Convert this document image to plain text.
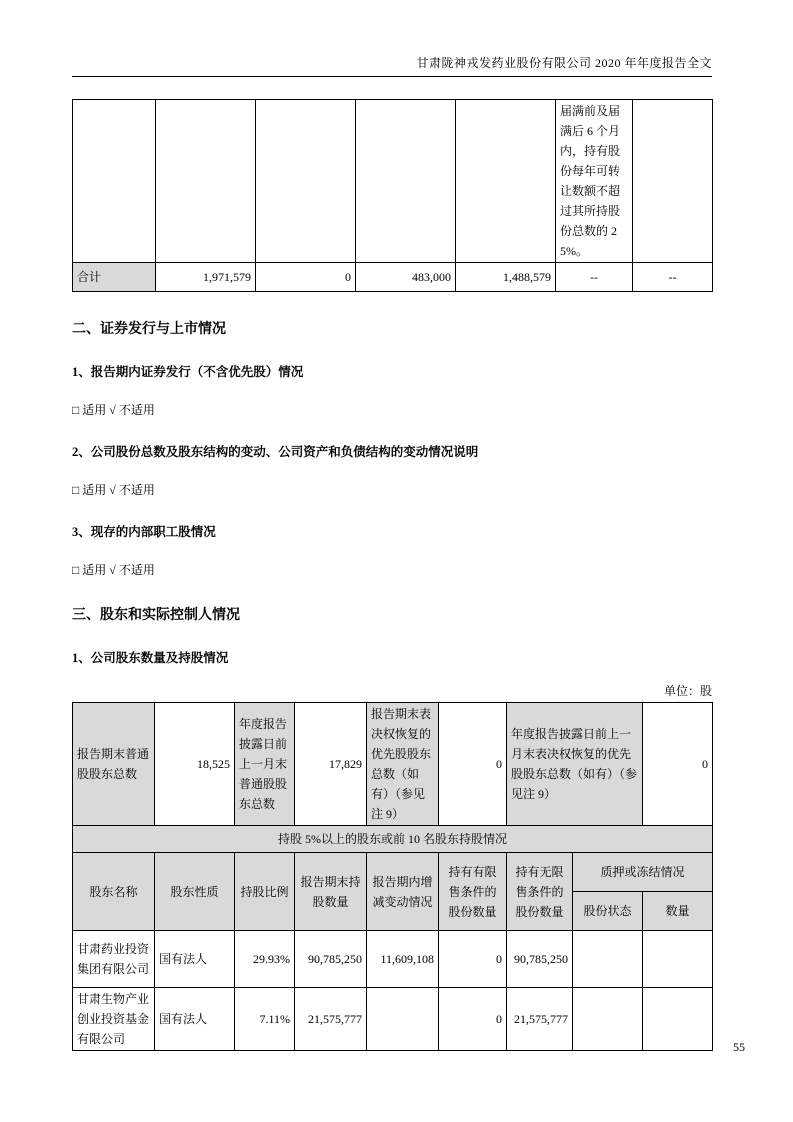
甘肃陇神戎发药业股份有限公司 2020 年年度报告全文
					届满前及届满后 6 个月内，持有股份每年可转让数额不超过其所持股份总数的 25%。	
合计	1,971,579	0	483,000	1,488,579	--	--
二、证券发行与上市情况
1、报告期内证券发行（不含优先股）情况
□ 适用 √ 不适用
2、公司股份总数及股东结构的变动、公司资产和负债结构的变动情况说明
□ 适用 √ 不适用
3、现存的内部职工股情况
□ 适用 √ 不适用
三、股东和实际控制人情况
1、公司股东数量及持股情况
单位：股
报告期末普通股股东总数	18,525	年度报告披露日前上一月末普通股股东总数	17,829	报告期末表决权恢复的优先股股东总数（如有）（参见注 9）	0	年度报告披露日前上一月末表决权恢复的优先股股东总数（如有）（参见注 9）		0
持股 5%以上的股东或前 10 名股东持股情况								
股东名称	股东性质	持股比例	报告期末持股数量	报告期内增减变动情况	持有有限售条件的股份数量	持有无限售条件的股份数量	质押或冻结情况	
							股份状态	数量
甘肃药业投资集团有限公司	国有法人	29.93%	90,785,250	11,609,108	0	90,785,250		
甘肃生物产业创业投资基金有限公司	国有法人	7.11%	21,575,777		0	21,575,777		
55
